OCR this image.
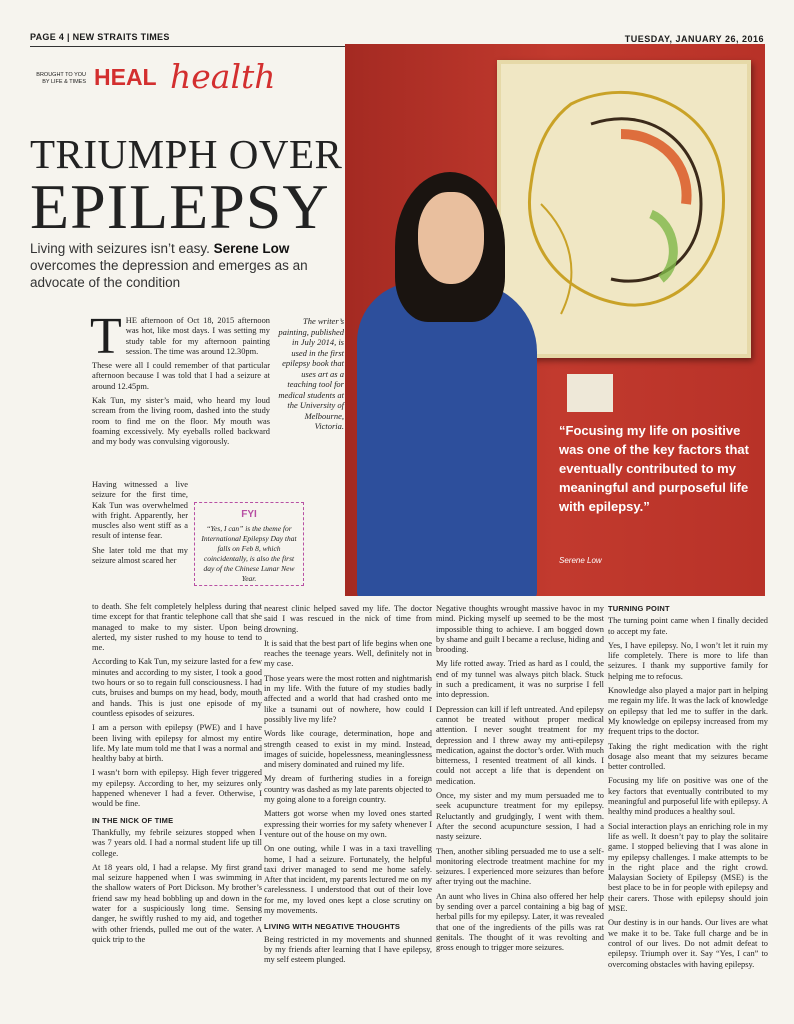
PAGE 4 | NEW STRAITS TIMES	TUESDAY, JANUARY 26, 2016
BROUGHT TO YOU BY LIFE & TIMES HEAL health
TRIUMPH OVER
EPILEPSY
Living with seizures isn’t easy. Serene Low overcomes the depression and emerges as an advocate of the condition
“Focusing my life on positive was one of the key factors that eventually contributed to my meaningful and purposeful life with epilepsy.”
Serene Low
The writer’s painting, published in July 2014, is used in the first epilepsy book that uses art as a teaching tool for medical students at the University of Melbourne, Victoria.
T HE afternoon of Oct 18, 2015 afternoon was hot, like most days. I was setting my study table for my afternoon painting session. The time was around 12.30pm.

These were all I could remember of that particular afternoon because I was told that I had a seizure at around 12.45pm.

Kak Tun, my sister’s maid, who heard my loud scream from the living room, dashed into the study room to find me on the floor. My mouth was foaming excessively. My eyeballs rolled backward and my body was convulsing vigorously.

Having witnessed a live seizure for the first time, Kak Tun was overwhelmed with fright. Apparently, her muscles also went stiff as a result of intense fear.

She later told me that my seizure almost scared her

FYI
“Yes, I can” is the theme for International Epilepsy Day that falls on Feb 8, which coincidentally, is also the first day of the Chinese Lunar New Year.

to death. She felt completely helpless during that time except for that frantic telephone call that she managed to make to my sister. Upon being alerted, my sister rushed to my house to tend to me.

According to Kak Tun, my seizure lasted for a few minutes and according to my sister, I took a good two hours or so to regain full consciousness. I had cuts, bruises and bumps on my head, body, mouth and hands. This is just one episode of my countless episodes of seizures.

I am a person with epilepsy (PWE) and I have been living with epilepsy for almost my entire life. My late mum told me that I was a normal and healthy baby at birth.

I wasn’t born with epilepsy. High fever triggered my epilepsy. According to her, my seizures only happened whenever I had a fever. Otherwise, I would be fine.

IN THE NICK OF TIME

Thankfully, my febrile seizures stopped when I was 7 years old. I had a normal student life up till college.

At 18 years old, I had a relapse. My first grand mal seizure happened when I was swimming in the shallow waters of Port Dickson. My brother’s friend saw my head bobbling up and down in the water for a suspiciously long time. Sensing danger, he swiftly rushed to my aid, and together with other friends, pulled me out of the water. A quick trip to the

nearest clinic helped saved my life. The doctor said I was rescued in the nick of time from drowning.

It is said that the best part of life begins when one reaches the teenage years. Well, definitely not in my case.

Those years were the most rotten and nightmarish in my life. With the future of my studies badly affected and a world that had crashed onto me like a tsunami out of nowhere, how could I possibly live my life?

Words like courage, determination, hope and strength ceased to exist in my mind. Instead, images of suicide, hopelessness, meaninglessness and misery dominated and ruined my life.

My dream of furthering studies in a foreign country was dashed as my late parents objected to my going alone to a foreign country.

Matters got worse when my loved ones started expressing their worries for my safety whenever I venture out of the house on my own.

On one outing, while I was in a taxi travelling home, I had a seizure. Fortunately, the helpful taxi driver managed to send me home safely. After that incident, my parents lectured me on my carelessness. I understood that out of their love for me, my loved ones kept a close scrutiny on my movements.

LIVING WITH NEGATIVE THOUGHTS

Being restricted in my movements and shunned by my friends after learning that I have epilepsy, my self esteem plunged.

Negative thoughts wrought massive havoc in my mind. Picking myself up seemed to be the most impossible thing to achieve. I am bogged down by shame and guilt I became a recluse, hiding and brooding.

My life rotted away. Tried as hard as I could, the end of my tunnel was always pitch black. Stuck in such a predicament, it was no surprise I fell into depression.

Depression can kill if left untreated. And epilepsy cannot be treated without proper medical attention. I never sought treatment for my depression and I threw away my anti-epilepsy medication, against the doctor’s order. With much bitterness, I resented treatment of all kinds. I could not accept a life that is dependent on medication.

Once, my sister and my mum persuaded me to seek acupuncture treatment for my epilepsy. Reluctantly and grudgingly, I went with them. After the second acupuncture session, I had a nasty seizure.

Then, another sibling persuaded me to use a self-monitoring electrode treatment machine for my seizures. I experienced more seizures than before after trying out the machine.

An aunt who lives in China also offered her help by sending over a parcel containing a big bag of herbal pills for my epilepsy. Later, it was revealed that one of the ingredients of the pills was rat genitals. The thought of it was revolting and gross enough to trigger more seizures.

TURNING POINT

The turning point came when I finally decided to accept my fate.

Yes, I have epilepsy. No, I won’t let it ruin my life completely. There is more to life than seizures. I thank my supportive family for helping me to refocus.

Knowledge also played a major part in helping me regain my life. It was the lack of knowledge on epilepsy that led me to suffer in the dark. My knowledge on epilepsy increased from my frequent trips to the doctor.

Taking the right medication with the right dosage also meant that my seizures became better controlled.

Focusing my life on positive was one of the key factors that eventually contributed to my meaningful and purposeful life with epilepsy. A healthy mind produces a healthy soul.

Social interaction plays an enriching role in my life as well. It doesn’t pay to play the solitaire game. I stopped believing that I was alone in my epilepsy challenges. I make attempts to be in the right place and the right crowd. Malaysian Society of Epilepsy (MSE) is the best place to be in for people with epilepsy and their carers. Those with epilepsy should join MSE.

Our destiny is in our hands. Our lives are what we make it to be. Take full charge and be in control of our lives. Do not admit defeat to epilepsy. Triumph over it. Say “Yes, I can” to overcoming obstacles with having epilepsy.
